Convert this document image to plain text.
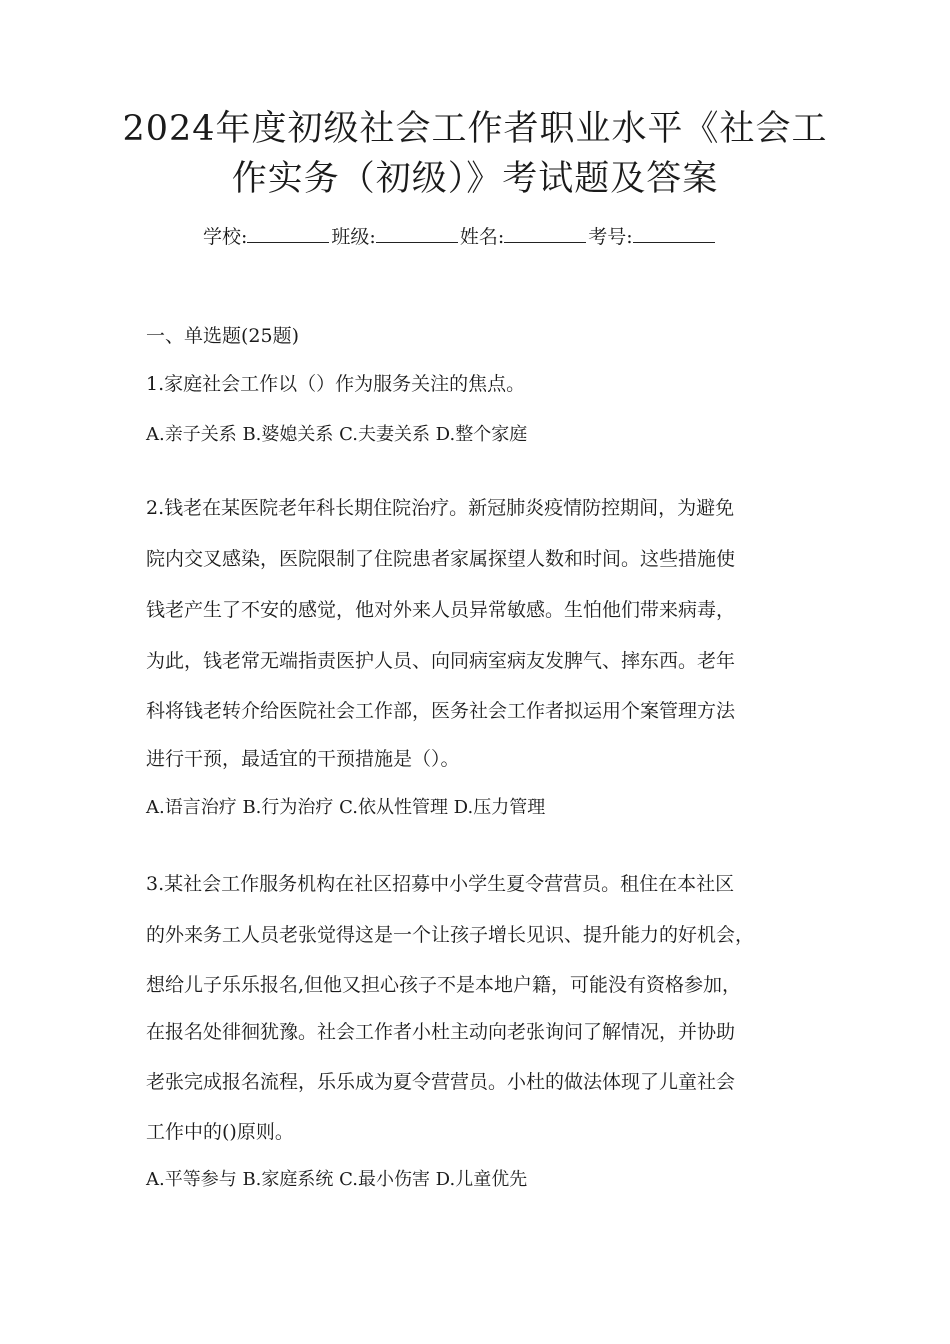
2024年度初级社会工作者职业水平《社会工
作实务（初级）》考试题及答案
学校:	班级:	姓名:	考号:
一、单选题(25题)
1.家庭社会工作以（）作为服务关注的焦点。
A.亲子关系 B.婆媳关系 C.夫妻关系 D.整个家庭
2.钱老在某医院老年科长期住院治疗。新冠肺炎疫情防控期间，为避免
院内交叉感染，医院限制了住院患者家属探望人数和时间。这些措施使
钱老产生了不安的感觉，他对外来人员异常敏感。生怕他们带来病毒，
为此，钱老常无端指责医护人员、向同病室病友发脾气、摔东西。老年
科将钱老转介给医院社会工作部，医务社会工作者拟运用个案管理方法
进行干预，最适宜的干预措施是（）。
A.语言治疗 B.行为治疗 C.依从性管理 D.压力管理
3.某社会工作服务机构在社区招募中小学生夏令营营员。租住在本社区
的外来务工人员老张觉得这是一个让孩子增长见识、提升能力的好机会，
想给儿子乐乐报名,但他又担心孩子不是本地户籍，可能没有资格参加，
在报名处徘徊犹豫。社会工作者小杜主动向老张询问了解情况，并协助
老张完成报名流程，乐乐成为夏令营营员。小杜的做法体现了儿童社会
工作中的()原则。
A.平等参与 B.家庭系统 C.最小伤害 D.儿童优先
